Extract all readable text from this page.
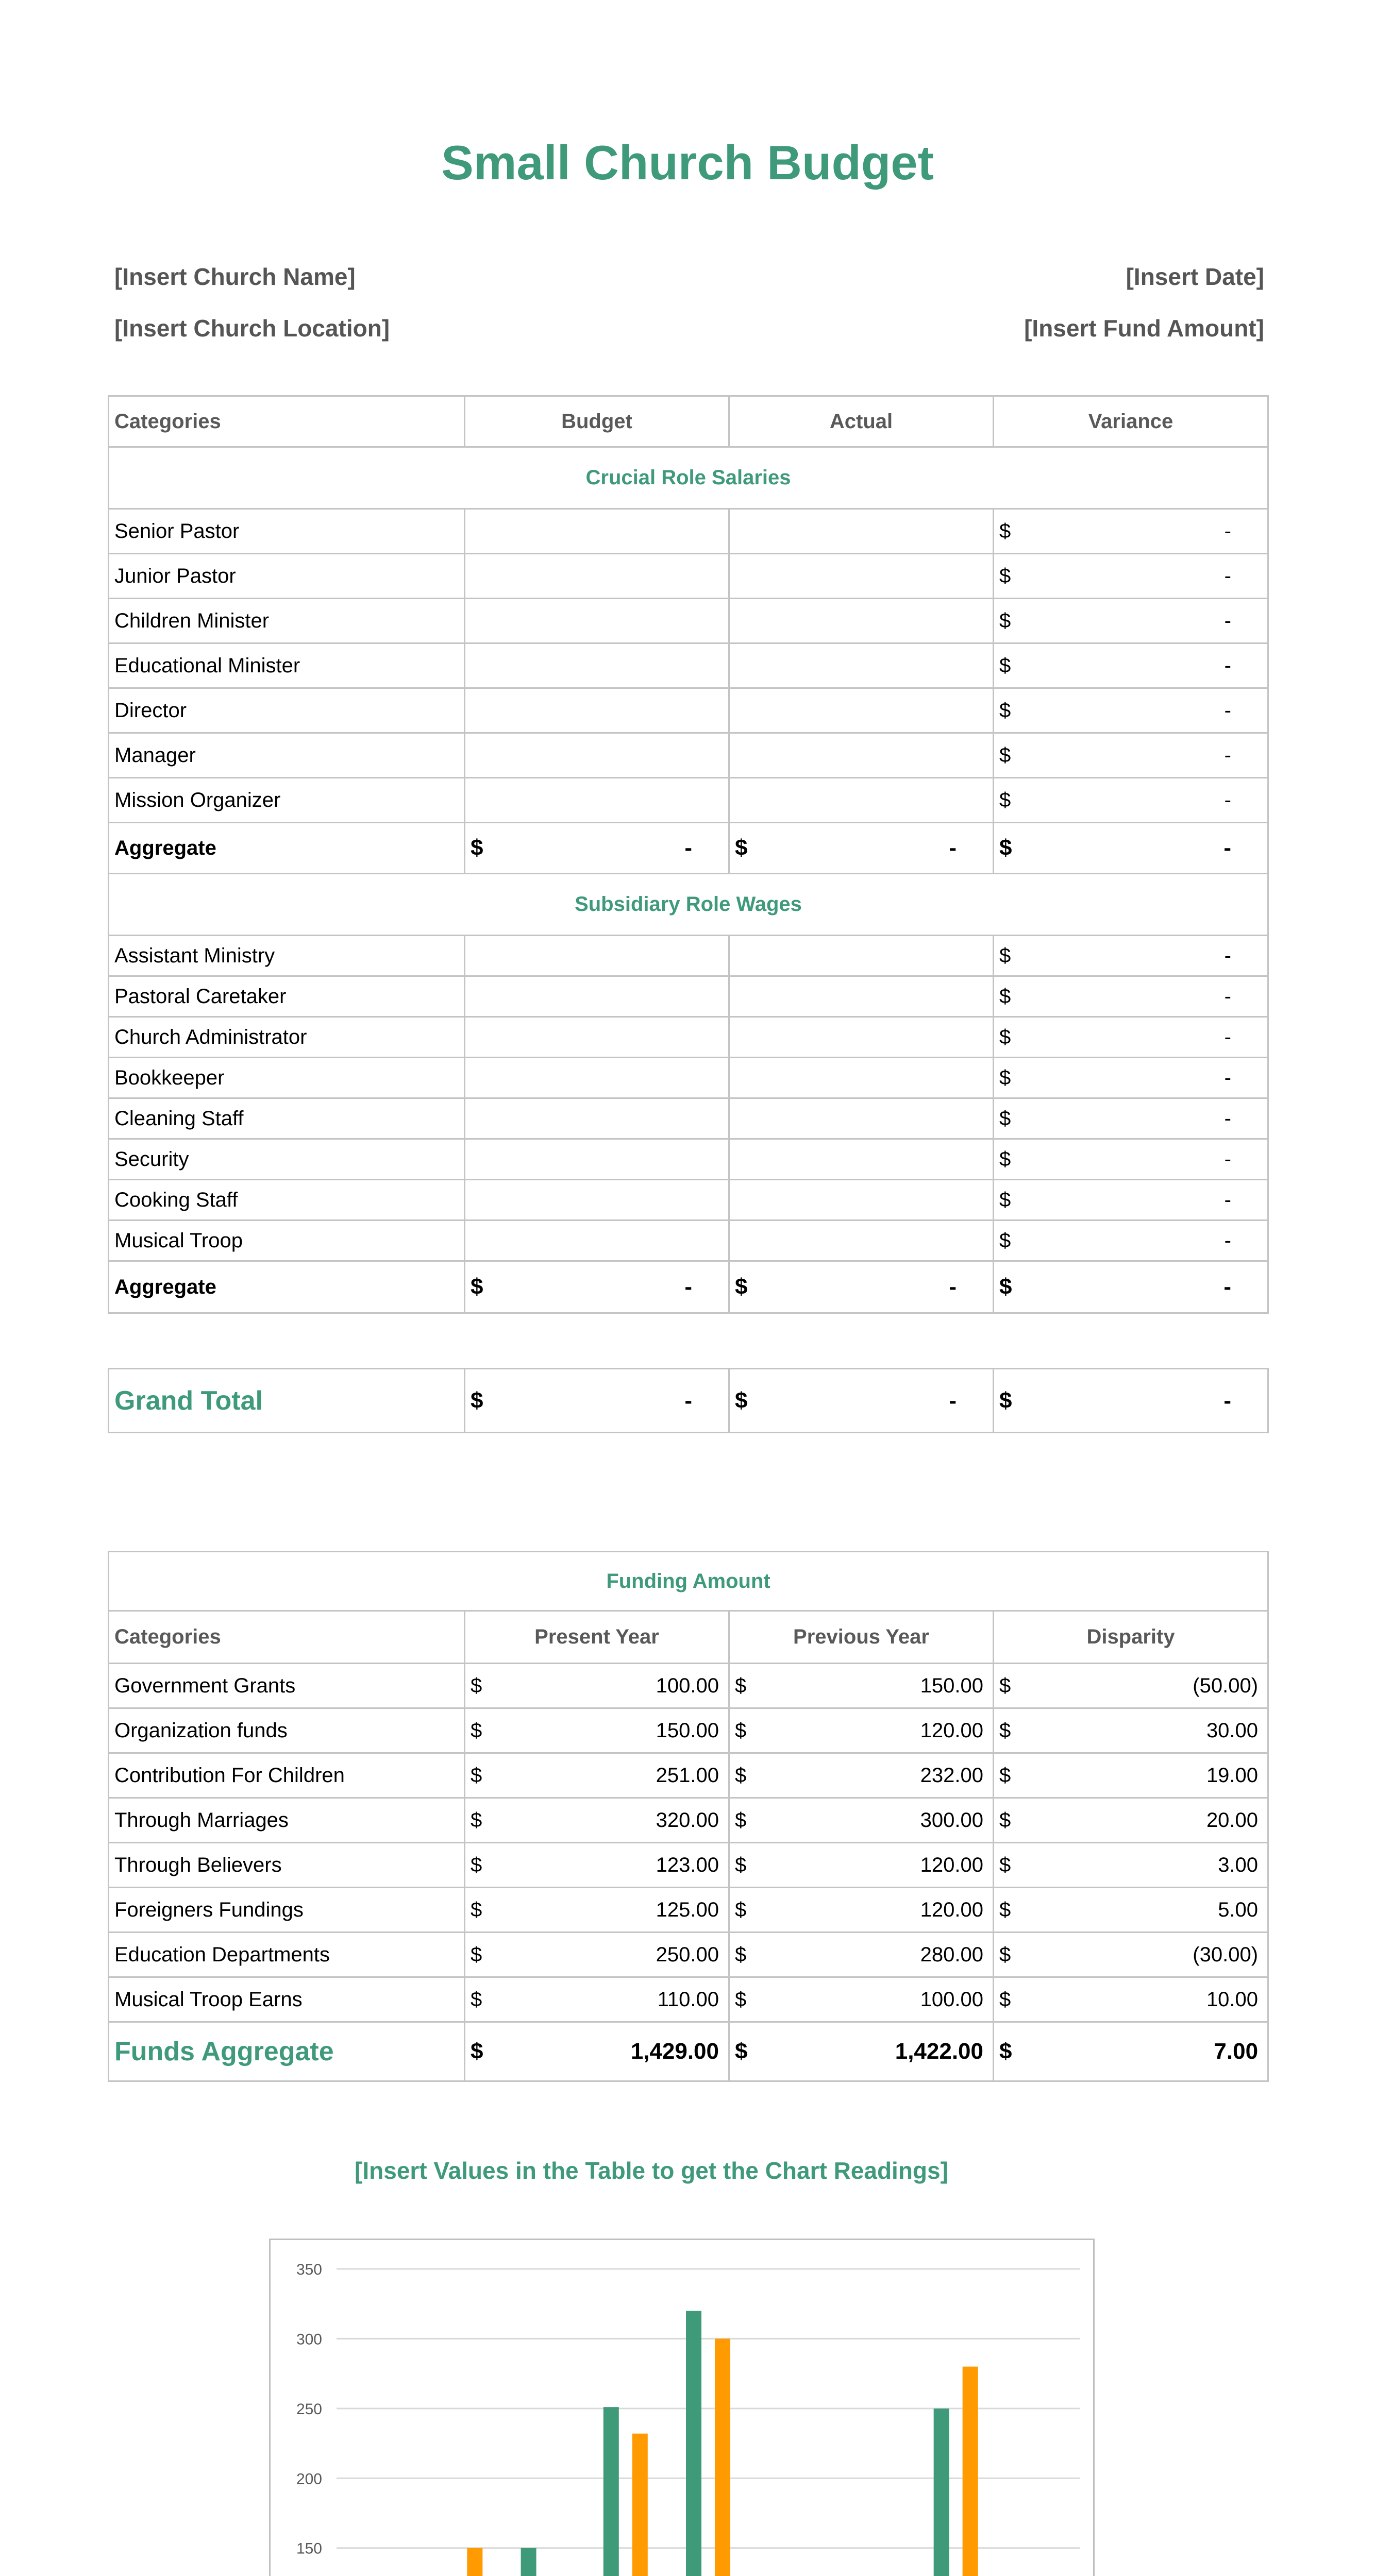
Small Church Budget
[Insert Church Name]	[Insert Date]
[Insert Church Location]	[Insert Fund Amount]
Categories	Budget	Actual	Variance
Crucial Role Salaries			
Senior Pastor			$ -

Junior Pastor			$ -

Children Minister			$ -

Educational Minister			$ -

Director			$ -

Manager			$ -

Mission Organizer			$ -

Aggregate	$ -	$ -	$ -

Subsidiary Role Wages			
Assistant Ministry			$ -

Pastoral Caretaker			$ -

Church Administrator			$ -

Bookkeeper			$ -

Cleaning Staff			$ -

Security			$ -

Cooking Staff			$ -

Musical Troop			$ -

Aggregate	$ -	$ -	$ -
Grand Total	$	-	$	-	$	-
Funding Amount			
Categories	Present Year	Previous Year	Disparity
Government Grants	$ 100.00	$ 150.00	$ (50.00)

Organization funds	$ 150.00	$ 120.00	$ 30.00

Contribution For Children	$ 251.00	$ 232.00	$ 19.00

Through Marriages	$ 320.00	$ 300.00	$ 20.00

Through Believers	$ 123.00	$ 120.00	$ 3.00

Foreigners Fundings	$ 125.00	$ 120.00	$ 5.00

Education Departments	$ 250.00	$ 280.00	$ (30.00)

Musical Troop Earns	$ 110.00	$ 100.00	$ 10.00

Funds Aggregate	$ 1,429.00	$ 1,422.00	$ 7.00
[Insert Values in the Table to get the Chart Readings]
150
200
250
300
350
